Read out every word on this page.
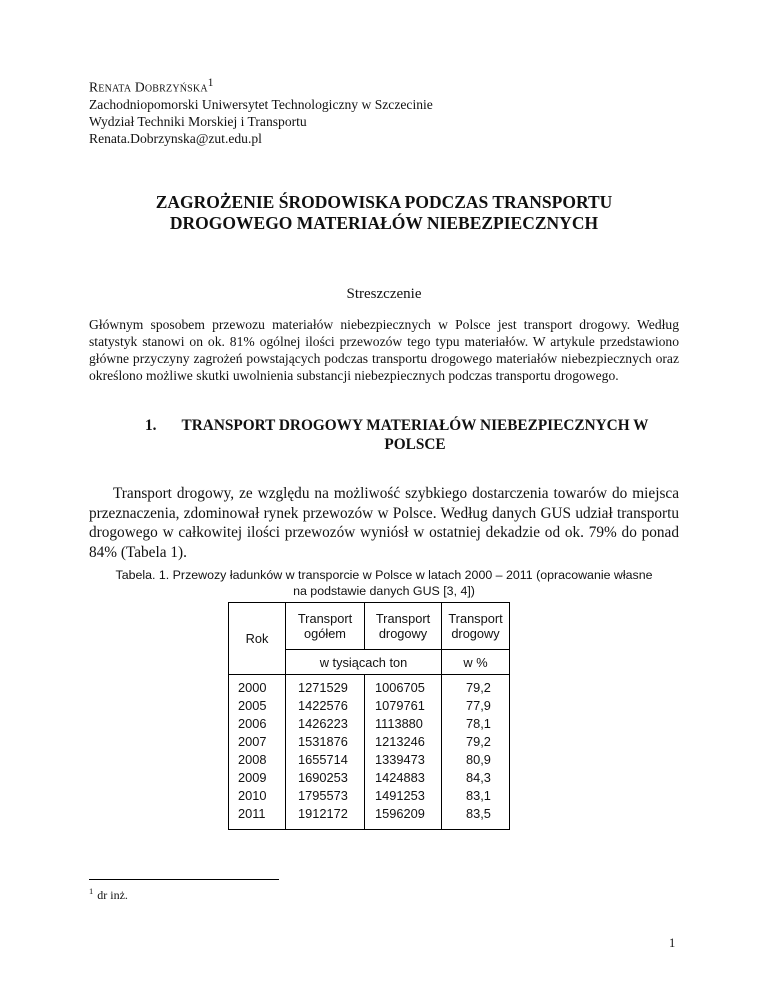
Renata Dobrzyńska$^1$
Zachodniopomorski Uniwersytet Technologiczny w Szczecinie
Wydział Techniki Morskiej i Transportu
Renata.Dobrzynska@zut.edu.pl
ZAGROŻENIE ŚRODOWISKA PODCZAS TRANSPORTU
DROGOWEGO MATERIAŁÓW NIEBEZPIECZNYCH
Streszczenie
Głównym sposobem przewozu materiałów niebezpiecznych w Polsce jest transport drogowy. Według statystyk stanowi on ok. 81% ogólnej ilości przewozów tego typu materiałów. W artykule przedstawiono główne przyczyny zagrożeń powstających podczas transportu drogowego materiałów niebezpiecznych oraz określono możliwe skutki uwolnienia substancji niebezpiecznych podczas transportu drogowego.
1.	TRANSPORT DROGOWY MATERIAŁÓW NIEBEZPIECZNYCH W
POLSCE
Transport drogowy, ze względu na możliwość szybkiego dostarczenia towarów do miejsca przeznaczenia, zdominował rynek przewozów w Polsce. Według danych GUS udział transportu drogowego w całkowitej ilości przewozów wyniósł w ostatniej dekadzie od ok. 79% do ponad 84% (Tabela 1).
Tabela. 1. Przewozy ładunków w transporcie w Polsce w latach 2000 – 2011 (opracowanie własne
na podstawie danych GUS [3, 4])
Rok	Transport ogółem	Transport drogowy	Transport drogowy
	w tysiącach ton		w %
2000	1271529	1006705	79,2
2005	1422576	1079761	77,9
2006	1426223	1113880	78,1
2007	1531876	1213246	79,2
2008	1655714	1339473	80,9
2009	1690253	1424883	84,3
2010	1795573	1491253	83,1
2011	1912172	1596209	83,5
$^1$ dr inż.
1
